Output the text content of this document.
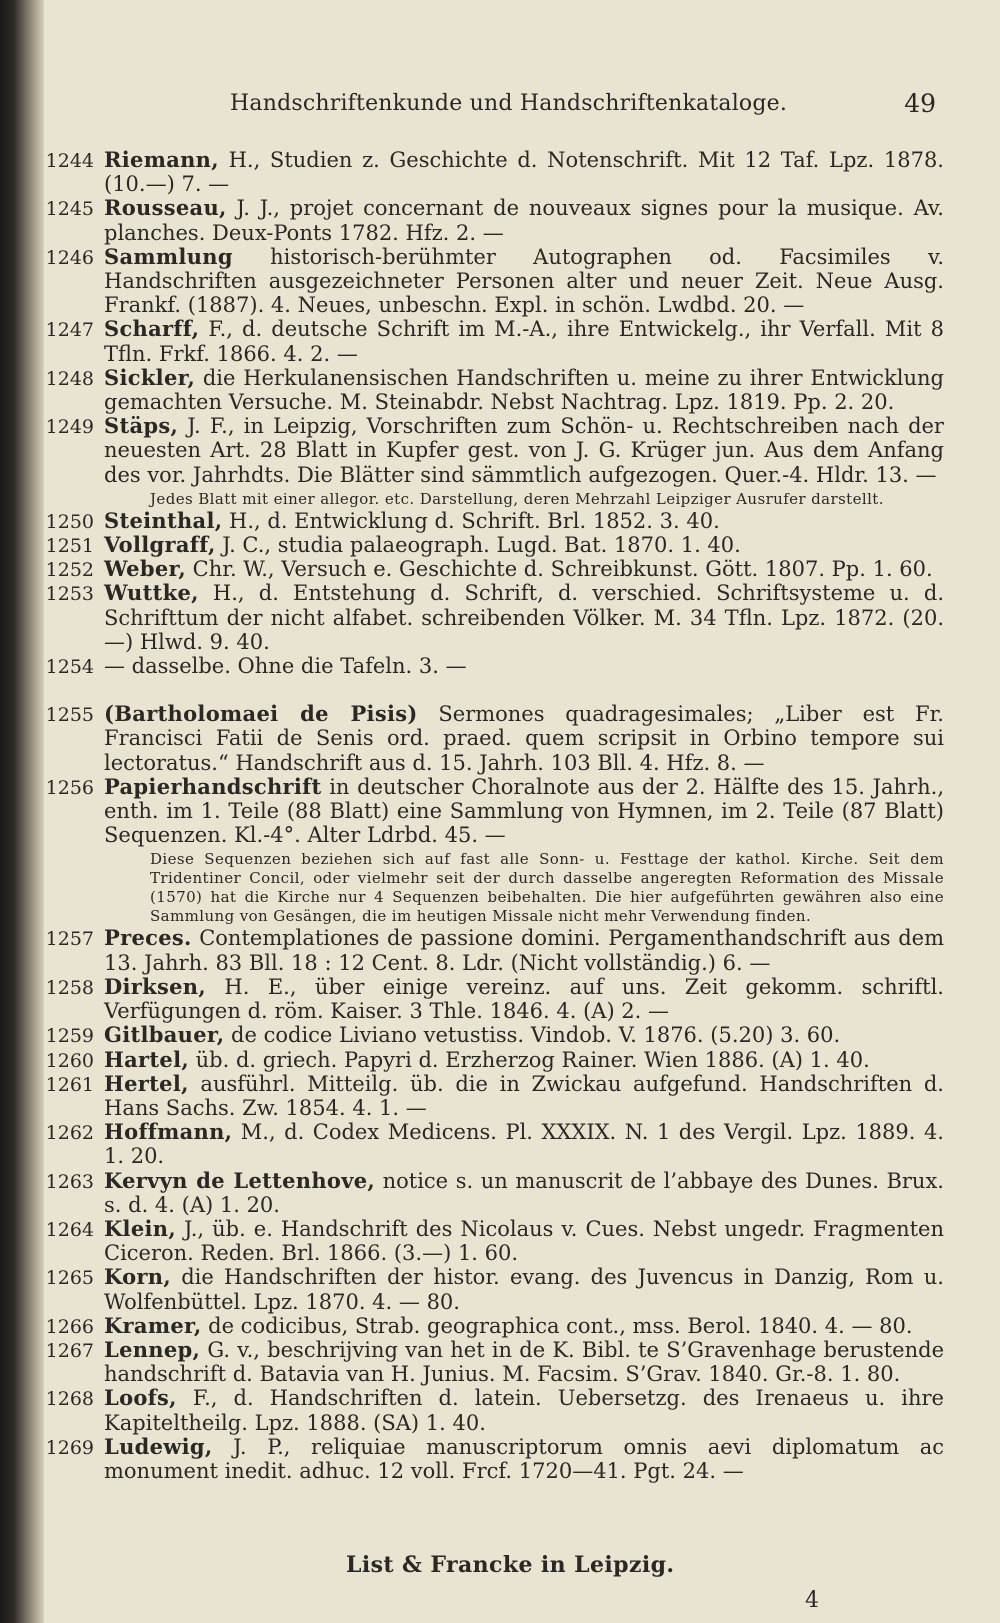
Handschriftenkunde und Handschriftenkataloge.	49
1244 Riemann, H., Studien z. Geschichte d. Notenschrift. Mit 12 Taf. Lpz. 1878. (10.—) 7. —
1245 Rousseau, J. J., projet concernant de nouveaux signes pour la musique. Av. planches. Deux-Ponts 1782. Hfz. 2. —
1246 Sammlung historisch-berühmter Autographen od. Facsimiles v. Handschriften ausgezeichneter Personen alter und neuer Zeit. Neue Ausg. Frankf. (1887). 4. Neues, unbeschn. Expl. in schön. Lwdbd. 20. —
1247 Scharff, F., d. deutsche Schrift im M.-A., ihre Entwickelg., ihr Verfall. Mit 8 Tfln. Frkf. 1866. 4. 2. —
1248 Sickler, die Herkulanensischen Handschriften u. meine zu ihrer Entwicklung gemachten Versuche. M. Steinabdr. Nebst Nachtrag. Lpz. 1819. Pp. 2. 20.
1249 Stäps, J. F., in Leipzig, Vorschriften zum Schön- u. Rechtschreiben nach der neuesten Art. 28 Blatt in Kupfer gest. von J. G. Krüger jun. Aus dem Anfang des vor. Jahrhdts. Die Blätter sind sämmtlich aufgezogen. Quer.-4. Hldr. 13. —
Jedes Blatt mit einer allegor. etc. Darstellung, deren Mehrzahl Leipziger Ausrufer darstellt.
1250 Steinthal, H., d. Entwicklung d. Schrift. Brl. 1852. 3. 40.
1251 Vollgraff, J. C., studia palaeograph. Lugd. Bat. 1870. 1. 40.
1252 Weber, Chr. W., Versuch e. Geschichte d. Schreibkunst. Gött. 1807. Pp. 1. 60.
1253 Wuttke, H., d. Entstehung d. Schrift, d. verschied. Schriftsysteme u. d. Schrifttum der nicht alfabet. schreibenden Völker. M. 34 Tfln. Lpz. 1872. (20.—) Hlwd. 9. 40.
1254 — dasselbe. Ohne die Tafeln. 3. —
1255 (Bartholomaei de Pisis) Sermones quadragesimales; „Liber est Fr. Francisci Fatii de Senis ord. praed. quem scripsit in Orbino tempore sui lectoratus.“ Handschrift aus d. 15. Jahrh. 103 Bll. 4. Hfz. 8. —
1256 Papierhandschrift in deutscher Choralnote aus der 2. Hälfte des 15. Jahrh., enth. im 1. Teile (88 Blatt) eine Sammlung von Hymnen, im 2. Teile (87 Blatt) Sequenzen. Kl.-4°. Alter Ldrbd. 45. —
Diese Sequenzen beziehen sich auf fast alle Sonn- u. Festtage der kathol. Kirche. Seit dem Tridentiner Concil, oder vielmehr seit der durch dasselbe angeregten Reformation des Missale (1570) hat die Kirche nur 4 Sequenzen beibehalten. Die hier aufgeführten gewähren also eine Sammlung von Gesängen, die im heutigen Missale nicht mehr Verwendung finden.
1257 Preces. Contemplationes de passione domini. Pergamenthandschrift aus dem 13. Jahrh. 83 Bll. 18 : 12 Cent. 8. Ldr. (Nicht vollständig.) 6. —
1258 Dirksen, H. E., über einige vereinz. auf uns. Zeit gekomm. schriftl. Verfügungen d. röm. Kaiser. 3 Thle. 1846. 4. (A) 2. —
1259 Gitlbauer, de codice Liviano vetustiss. Vindob. V. 1876. (5.20) 3. 60.
1260 Hartel, üb. d. griech. Papyri d. Erzherzog Rainer. Wien 1886. (A) 1. 40.
1261 Hertel, ausführl. Mitteilg. üb. die in Zwickau aufgefund. Handschriften d. Hans Sachs. Zw. 1854. 4. 1. —
1262 Hoffmann, M., d. Codex Medicens. Pl. XXXIX. N. 1 des Vergil. Lpz. 1889. 4. 1. 20.
1263 Kervyn de Lettenhove, notice s. un manuscrit de l’abbaye des Dunes. Brux. s. d. 4. (A) 1. 20.
1264 Klein, J., üb. e. Handschrift des Nicolaus v. Cues. Nebst ungedr. Fragmenten Ciceron. Reden. Brl. 1866. (3.—) 1. 60.
1265 Korn, die Handschriften der histor. evang. des Juvencus in Danzig, Rom u. Wolfenbüttel. Lpz. 1870. 4. — 80.
1266 Kramer, de codicibus, Strab. geographica cont., mss. Berol. 1840. 4. — 80.
1267 Lennep, G. v., beschrijving van het in de K. Bibl. te S’Gravenhage berustende handschrift d. Batavia van H. Junius. M. Facsim. S’Grav. 1840. Gr.-8. 1. 80.
1268 Loofs, F., d. Handschriften d. latein. Uebersetzg. des Irenaeus u. ihre Kapiteltheilg. Lpz. 1888. (SA) 1. 40.
1269 Ludewig, J. P., reliquiae manuscriptorum omnis aevi diplomatum ac monument inedit. adhuc. 12 voll. Frcf. 1720—41. Pgt. 24. —
List & Francke in Leipzig.
4
